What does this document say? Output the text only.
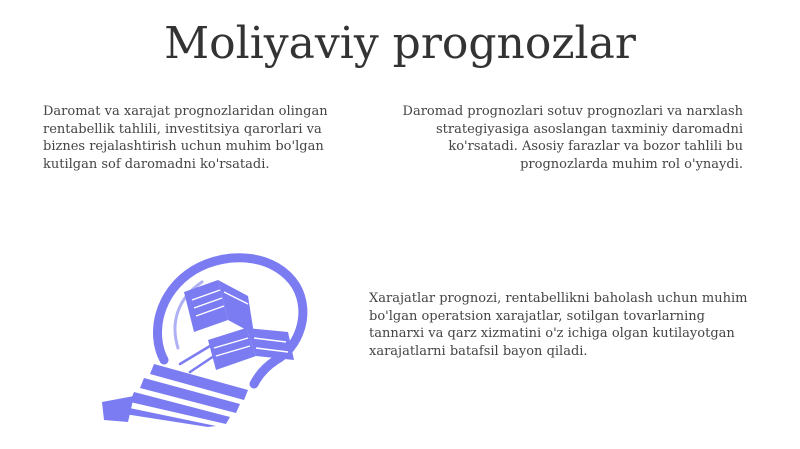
Moliyaviy prognozlar

Daromat va xarajat prognozlaridan olingan rentabellik tahlili, investitsiya qarorlari va biznes rejalashtirish uchun muhim bo'lgan kutilgan sof daromadni ko'rsatadi.

Daromad prognozlari sotuv prognozlari va narxlash strategiyasiga asoslangan taxminiy daromadni ko'rsatadi. Asosiy farazlar va bozor tahlili bu prognozlarda muhim rol o'ynaydi.

Xarajatlar prognozi, rentabellikni baholash uchun muhim bo'lgan operatsion xarajatlar, sotilgan tovarlarning tannarxi va qarz xizmatini o'z ichiga olgan kutilayotgan xarajatlarni batafsil bayon qiladi.
